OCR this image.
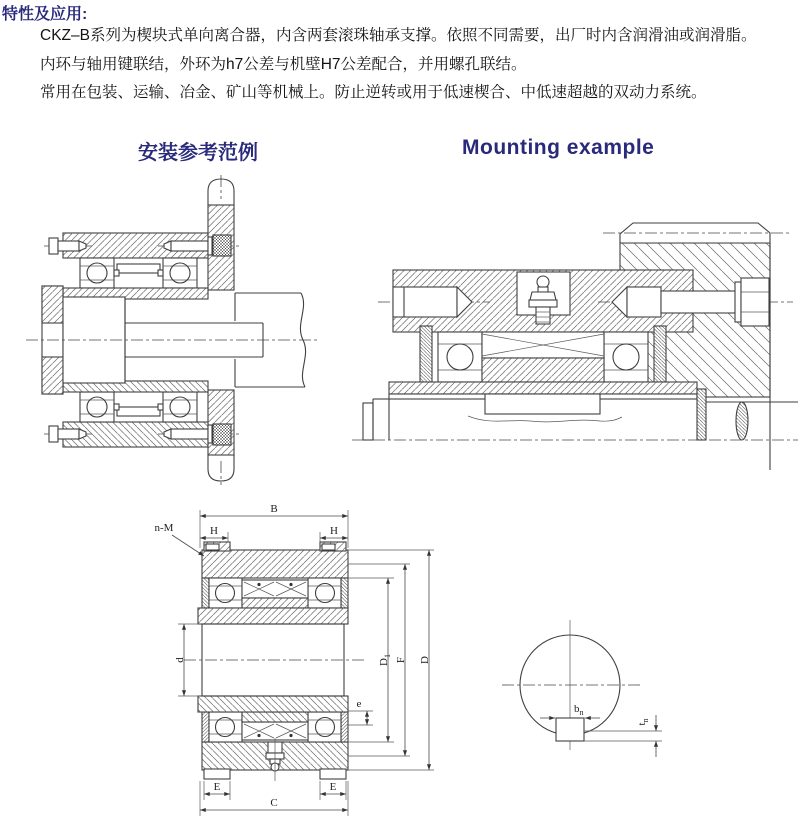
特性及应用:
CKZ–B系列为楔块式单向离合器，内含两套滚珠轴承支撑。依照不同需要，出厂时内含润滑油或润滑脂。
内环与轴用键联结，外环为h7公差与机壁H7公差配合，并用螺孔联结。
常用在包装、运输、冶金、矿山等机械上。防止逆转或用于低速楔合、中低速超越的双动力系统。
安装参考范例	Mounting example
B
n-M	H	H
d	$D_1$
F D
e
E	E
C
$b_n$
$t_n$
